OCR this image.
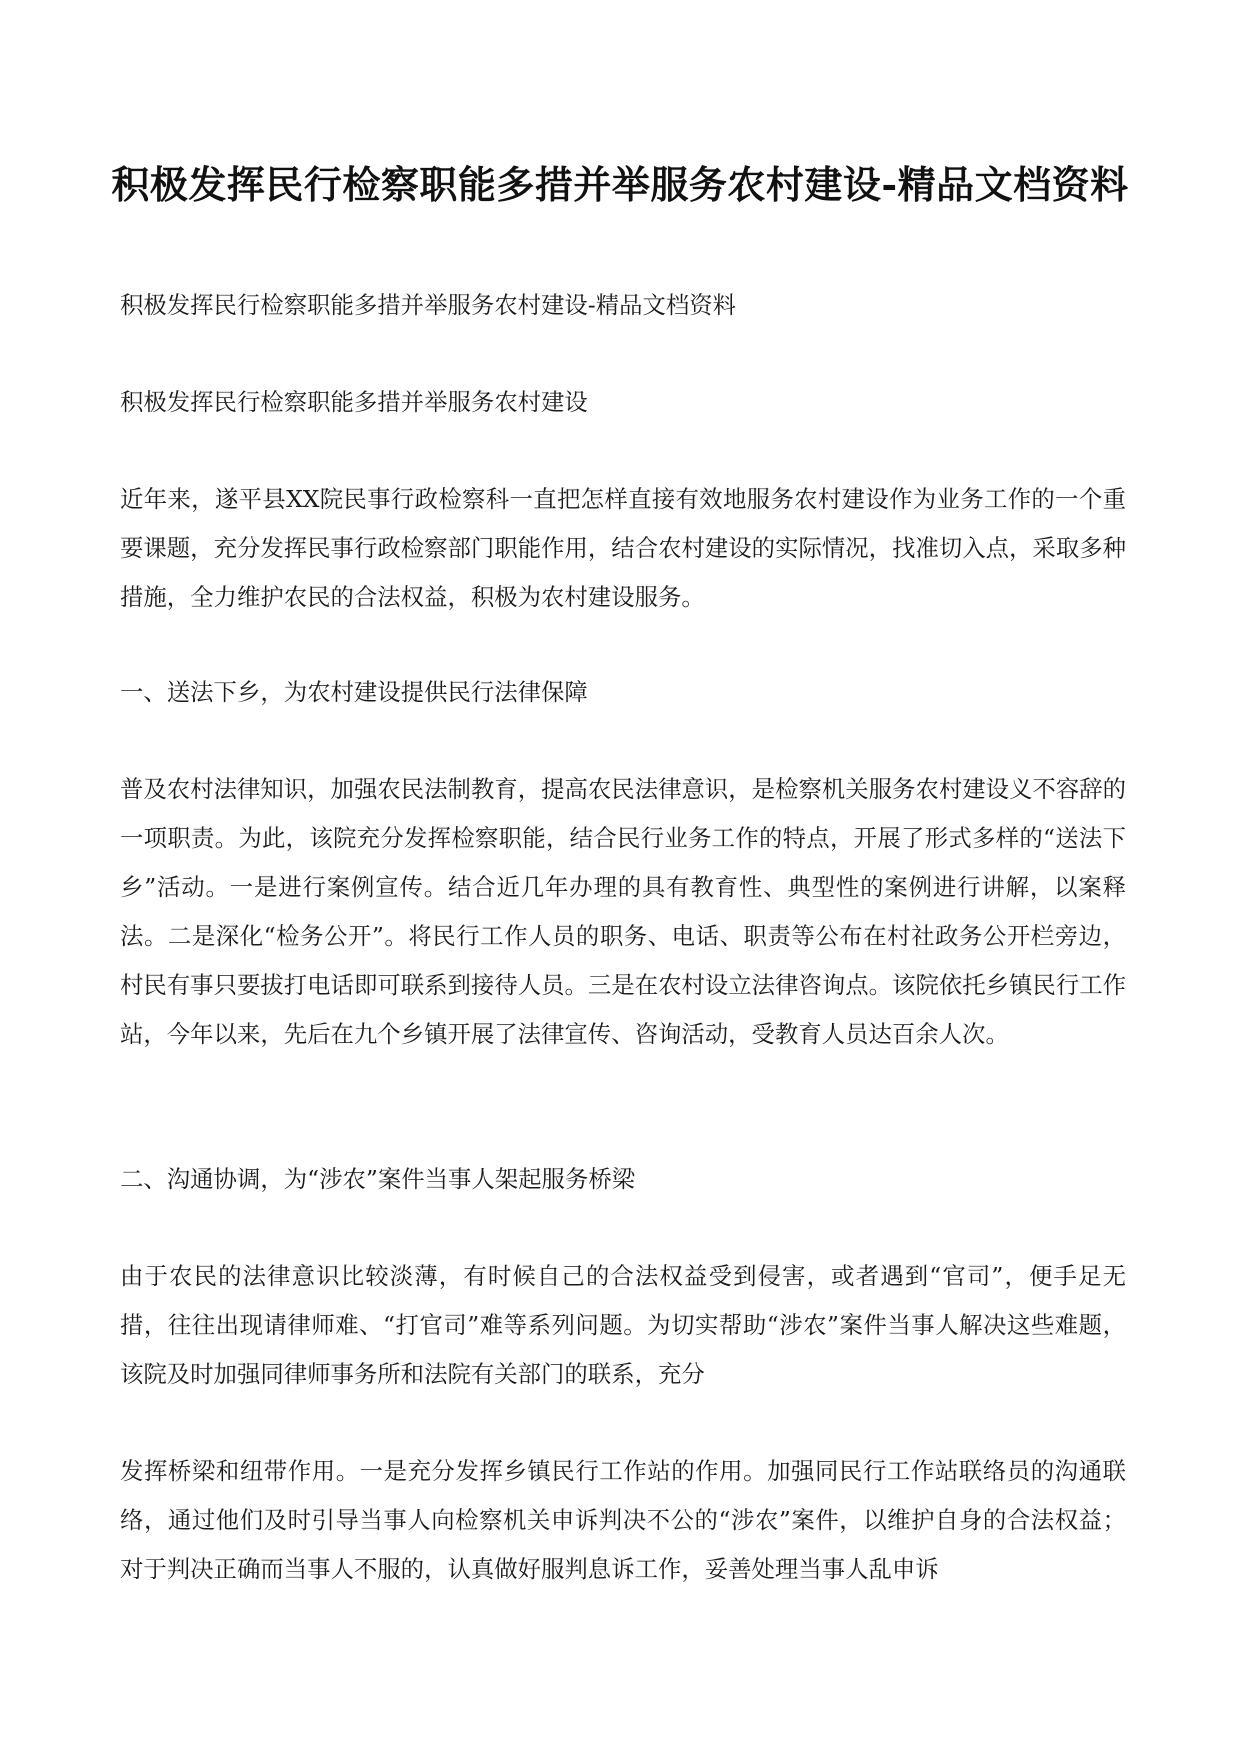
积极发挥民行检察职能多措并举服务农村建设-精品文档资料

积极发挥民行检察职能多措并举服务农村建设-精品文档资料

积极发挥民行检察职能多措并举服务农村建设

近年来，遂平县XX院民事行政检察科一直把怎样直接有效地服务农村建设作为业务工作的一个重要课题，充分发挥民事行政检察部门职能作用，结合农村建设的实际情况，找准切入点，采取多种措施，全力维护农民的合法权益，积极为农村建设服务。

一、送法下乡，为农村建设提供民行法律保障

普及农村法律知识，加强农民法制教育，提高农民法律意识，是检察机关服务农村建设义不容辞的一项职责。为此，该院充分发挥检察职能，结合民行业务工作的特点，开展了形式多样的“送法下乡”活动。一是进行案例宣传。结合近几年办理的具有教育性、典型性的案例进行讲解，以案释法。二是深化“检务公开”。将民行工作人员的职务、电话、职责等公布在村社政务公开栏旁边，村民有事只要拔打电话即可联系到接待人员。三是在农村设立法律咨询点。该院依托乡镇民行工作站，今年以来，先后在九个乡镇开展了法律宣传、咨询活动，受教育人员达百余人次。

二、沟通协调，为“涉农”案件当事人架起服务桥梁

由于农民的法律意识比较淡薄，有时候自己的合法权益受到侵害，或者遇到“官司”，便手足无措，往往出现请律师难、“打官司”难等系列问题。为切实帮助“涉农”案件当事人解决这些难题，该院及时加强同律师事务所和法院有关部门的联系，充分

发挥桥梁和纽带作用。一是充分发挥乡镇民行工作站的作用。加强同民行工作站联络员的沟通联络，通过他们及时引导当事人向检察机关申诉判决不公的“涉农”案件，以维护自身的合法权益；对于判决正确而当事人不服的，认真做好服判息诉工作，妥善处理当事人乱申诉
